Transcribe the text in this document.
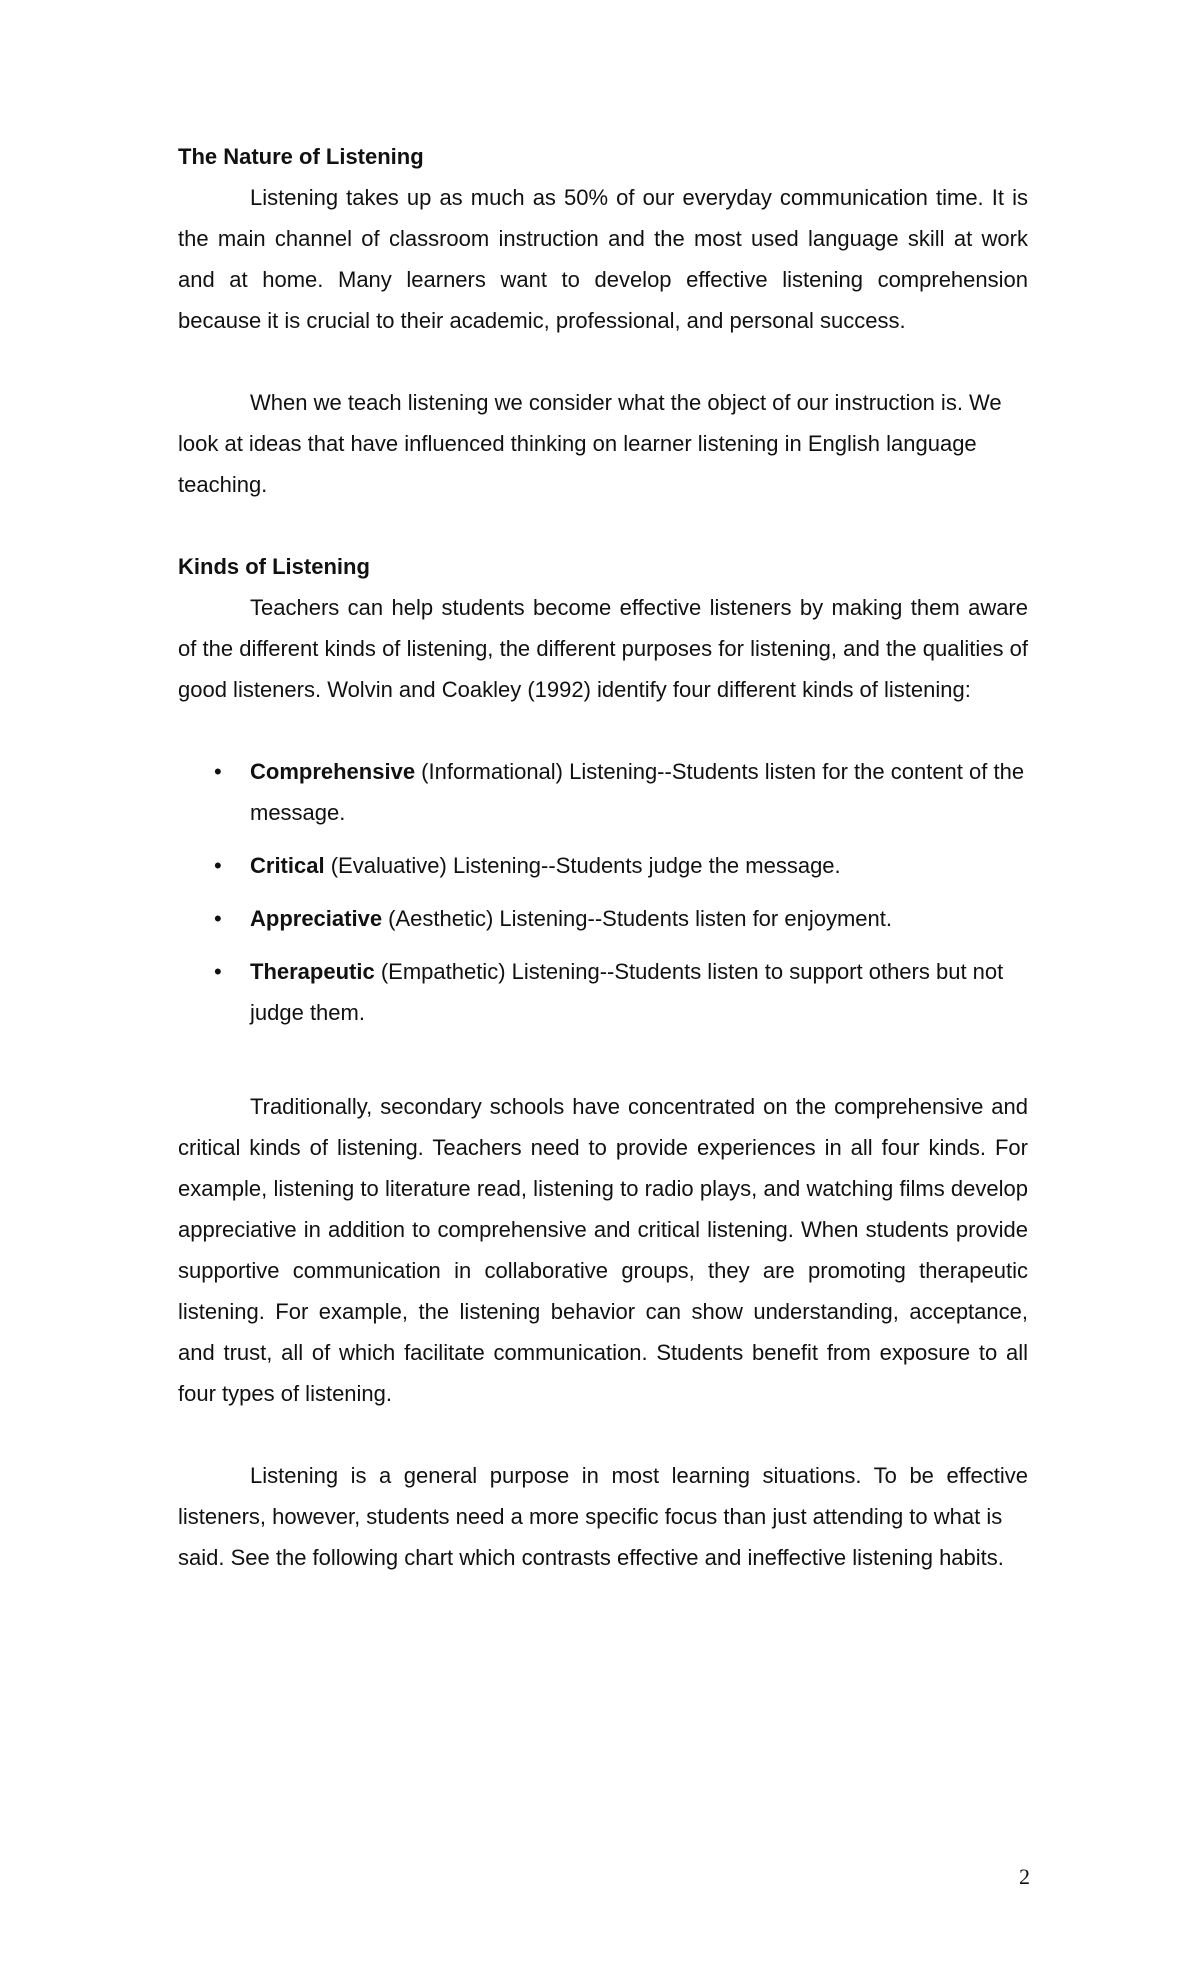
The Nature of Listening

Listening takes up as much as 50% of our everyday communication time. It is the main channel of classroom instruction and the most used language skill at work and at home. Many learners want to develop effective listening comprehension because it is crucial to their academic, professional, and personal success.

When we teach listening we consider what the object of our instruction is. We look at ideas that have influenced thinking on learner listening in English language teaching.

Kinds of Listening

Teachers can help students become effective listeners by making them aware of the different kinds of listening, the different purposes for listening, and the qualities of good listeners. Wolvin and Coakley (1992) identify four different kinds of listening:

• Comprehensive (Informational) Listening--Students listen for the content of the message.
• Critical (Evaluative) Listening--Students judge the message.
• Appreciative (Aesthetic) Listening--Students listen for enjoyment.
• Therapeutic (Empathetic) Listening--Students listen to support others but not judge them.

Traditionally, secondary schools have concentrated on the comprehensive and critical kinds of listening. Teachers need to provide experiences in all four kinds. For example, listening to literature read, listening to radio plays, and watching films develop appreciative in addition to comprehensive and critical listening. When students provide supportive communication in collaborative groups, they are promoting therapeutic listening. For example, the listening behavior can show understanding, acceptance, and trust, all of which facilitate communication. Students benefit from exposure to all four types of listening.

Listening is a general purpose in most learning situations. To be effective listeners, however, students need a more specific focus than just attending to what is

said. See the following chart which contrasts effective and ineffective listening habits.

2
